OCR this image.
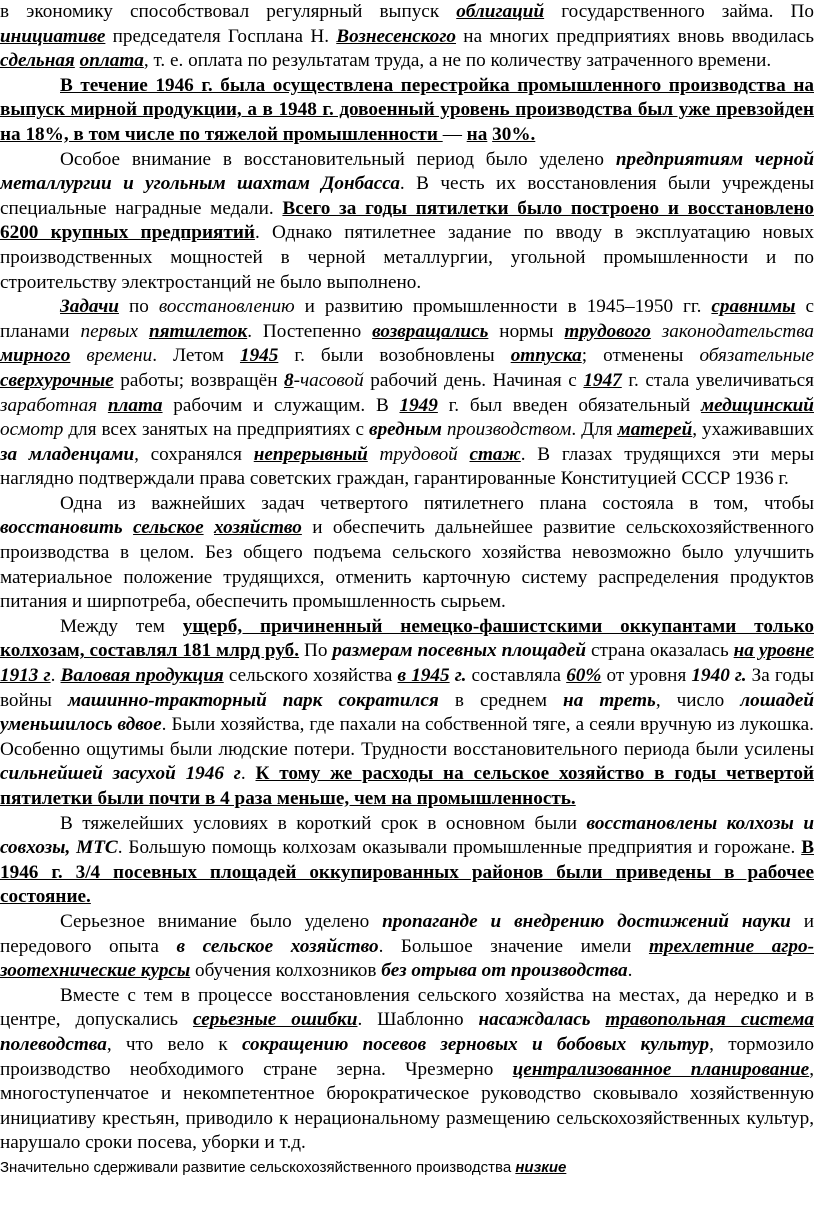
в экономику способствовал регулярный выпуск облигаций государственного займа. По инициативе председателя Госплана Н. Вознесенского на многих предприятиях вновь вводилась сдельная оплата, т. е. оплата по результатам труда, а не по количеству затраченного времени.

В течение 1946 г. была осуществлена перестройка промышленного производства на выпуск мирной продукции, а в 1948 г. довоенный уровень производства был уже превзойден на 18%, в том числе по тяжелой промышленности — на 30%.

Особое внимание в восстановительный период было уделено предприятиям черной металлургии и угольным шахтам Донбасса. В честь их восстановления были учреждены специальные наградные медали. Всего за годы пятилетки было построено и восстановлено 6200 крупных предприятий. Однако пятилетнее задание по вводу в эксплуатацию новых производственных мощностей в черной металлургии, угольной промышленности и по строительству электростанций не было выполнено.

Задачи по восстановлению и развитию промышленности в 1945–1950 гг. сравнимы с планами первых пятилеток. Постепенно возвращались нормы трудового законодательства мирного времени. Летом 1945 г. были возобновлены отпуска; отменены обязательные сверхурочные работы; возвращён 8-часовой рабочий день. Начиная с 1947 г. стала увеличиваться заработная плата рабочим и служащим. В 1949 г. был введен обязательный медицинский осмотр для всех занятых на предприятиях с вредным производством. Для матерей, ухаживавших за младенцами, сохранялся непрерывный трудовой стаж. В глазах трудящихся эти меры наглядно подтверждали права советских граждан, гарантированные Конституцией СССР 1936 г.

Одна из важнейших задач четвертого пятилетнего плана состояла в том, чтобы восстановить сельское хозяйство и обеспечить дальнейшее развитие сельскохозяйственного производства в целом. Без общего подъема сельского хозяйства невозможно было улучшить материальное положение трудящихся, отменить карточную систему распределения продуктов питания и ширпотреба, обеспечить промышленность сырьем.

Между тем ущерб, причиненный немецко-фашистскими оккупантами только колхозам, составлял 181 млрд руб. По размерам посевных площадей страна оказалась на уровне 1913 г. Валовая продукция сельского хозяйства в 1945 г. составляла 60% от уровня 1940 г. За годы войны машинно-тракторный парк сократился в среднем на треть, число лошадей уменьшилось вдвое. Были хозяйства, где пахали на собственной тяге, а сеяли вручную из лукошка. Особенно ощутимы были людские потери. Трудности восстановительного периода были усилены сильнейшей засухой 1946 г. К тому же расходы на сельское хозяйство в годы четвертой пятилетки были почти в 4 раза меньше, чем на промышленность.

В тяжелейших условиях в короткий срок в основном были восстановлены колхозы и совхозы, МТС. Большую помощь колхозам оказывали промышленные предприятия и горожане. В 1946 г. 3/4 посевных площадей оккупированных районов были приведены в рабочее состояние.

Серьезное внимание было уделено пропаганде и внедрению достижений науки и передового опыта в сельское хозяйство. Большое значение имели трехлетние агро-зоотехнические курсы обучения колхозников без отрыва от производства.

Вместе с тем в процессе восстановления сельского хозяйства на местах, да нередко и в центре, допускались серьезные ошибки. Шаблонно насаждалась травопольная система полеводства, что вело к сокращению посевов зерновых и бобовых культур, тормозило производство необходимого стране зерна. Чрезмерно централизованное планирование, многоступенчатое и некомпетентное бюрократическое руководство сковывало хозяйственную инициативу крестьян, приводило к нерациональному размещению сельскохозяйственных культур, нарушало сроки посева, уборки и т.д.

Значительно сдерживали развитие сельскохозяйственного производства низкие
